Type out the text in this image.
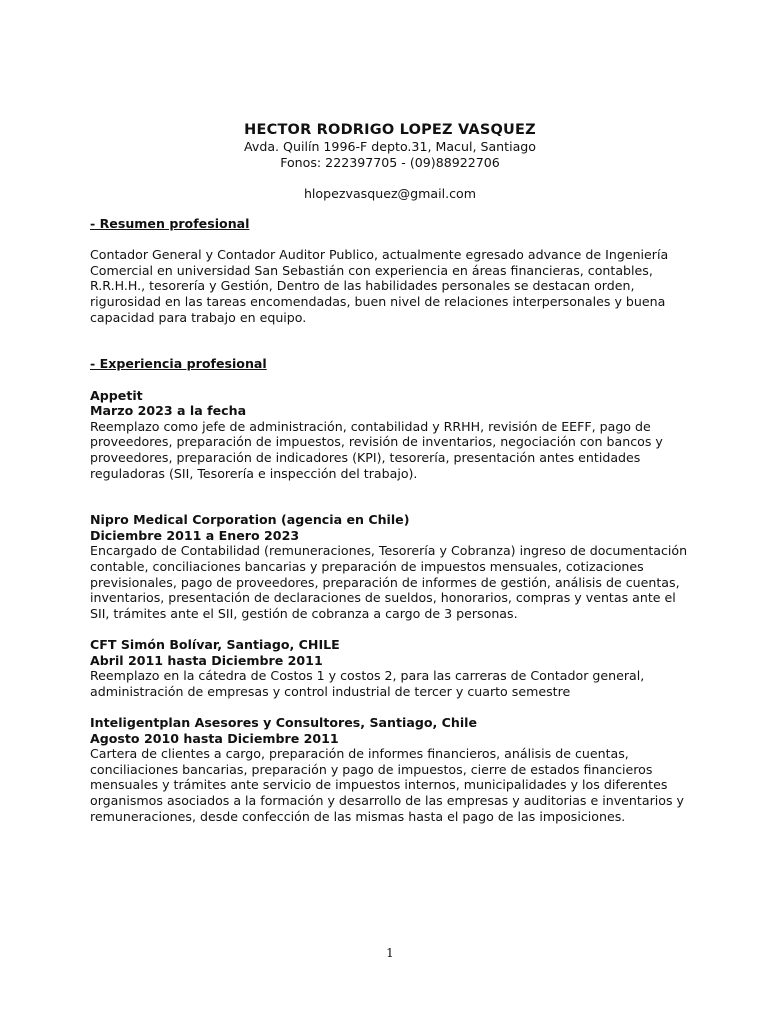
HECTOR RODRIGO LOPEZ VASQUEZ
Avda. Quilín 1996-F depto.31, Macul, Santiago
Fonos: 222397705 - (09)88922706
hlopezvasquez@gmail.com
- Resumen profesional
Contador General y Contador Auditor Publico, actualmente egresado advance de Ingeniería
Comercial en universidad San Sebastián con experiencia en áreas financieras, contables,
R.R.H.H., tesorería y Gestión, Dentro de las habilidades personales se destacan orden,
rigurosidad en las tareas encomendadas, buen nivel de relaciones interpersonales y buena
capacidad para trabajo en equipo.
- Experiencia profesional
Appetit
Marzo 2023 a la fecha
Reemplazo como jefe de administración, contabilidad y RRHH, revisión de EEFF, pago de
proveedores, preparación de impuestos, revisión de inventarios, negociación con bancos y
proveedores, preparación de indicadores (KPI), tesorería, presentación antes entidades
reguladoras (SII, Tesorería e inspección del trabajo).
Nipro Medical Corporation (agencia en Chile)
Diciembre 2011 a Enero 2023
Encargado de Contabilidad (remuneraciones, Tesorería y Cobranza) ingreso de documentación
contable, conciliaciones bancarias y preparación de impuestos mensuales, cotizaciones
previsionales, pago de proveedores, preparación de informes de gestión, análisis de cuentas,
inventarios, presentación de declaraciones de sueldos, honorarios, compras y ventas ante el
SII, trámites ante el SII, gestión de cobranza a cargo de 3 personas.
CFT Simón Bolívar, Santiago, CHILE
Abril 2011 hasta Diciembre 2011
Reemplazo en la cátedra de Costos 1 y costos 2, para las carreras de Contador general,
administración de empresas y control industrial de tercer y cuarto semestre
Inteligentplan Asesores y Consultores, Santiago, Chile
Agosto 2010 hasta Diciembre 2011
Cartera de clientes a cargo, preparación de informes financieros, análisis de cuentas,
conciliaciones bancarias, preparación y pago de impuestos, cierre de estados financieros
mensuales y trámites ante servicio de impuestos internos, municipalidades y los diferentes
organismos asociados a la formación y desarrollo de las empresas y auditorias e inventarios y
remuneraciones, desde confección de las mismas hasta el pago de las imposiciones.
1
